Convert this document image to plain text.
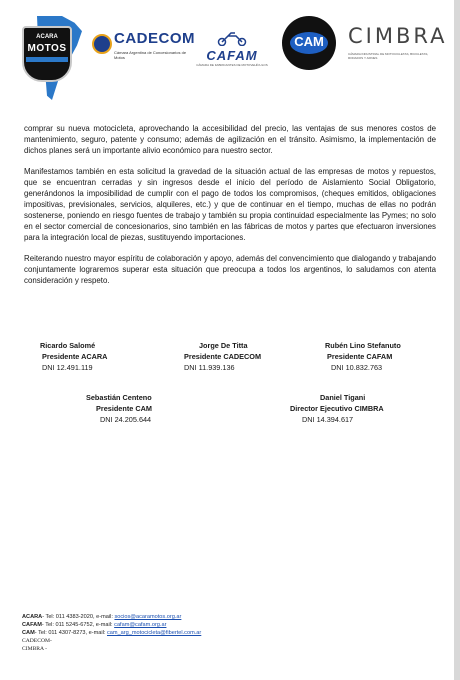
ACARA
MOTOS
CADECOM
Cámara Argentina de Concesionarios de Motos	CAFAM
CÁMARA DE FABRICANTES DE MOTOVEHÍCULOS
CAM	CIMBRA
CÁMARA INDUSTRIAL DE MOTOCICLETAS, BICICLETAS, RODADOS Y AFINES

comprar su nueva motocicleta, aprovechando la accesibilidad del precio, las ventajas de sus menores costos de mantenimiento, seguro, patente y consumo; además de agilización en el tránsito. Asimismo, la implementación de dichos planes será un importante alivio económico para nuestro sector.

Manifestamos también en esta solicitud la gravedad de la situación actual de las empresas de motos y repuestos, que se encuentran cerradas y sin ingresos desde el inicio del período de Aislamiento Social Obligatorio, generándonos la imposibilidad de cumplir con el pago de todos los compromisos, (cheques emitidos, obligaciones impositivas, previsionales, servicios, alquileres, etc.) y que de continuar en el tiempo, muchas de ellas no podrán sostenerse, poniendo en riesgo fuentes de trabajo y también su propia continuidad especialmente las Pymes; no solo en el sector comercial de concesionarios, sino también en las fábricas de motos y partes que efectuaron inversiones para la integración local de piezas, sustituyendo importaciones.

Reiterando nuestro mayor espíritu de colaboración y apoyo, además del convencimiento que dialogando y trabajando conjuntamente lograremos superar esta situación que preocupa a todos los argentinos, lo saludamos con atenta consideración y respeto.

Ricardo Salomé
Presidente ACARA
DNI 12.491.119
Jorge De Titta
Presidente CADECOM
DNI 11.939.136
Rubén Lino Stefanuto
Presidente CAFAM
DNI 10.832.763
Sebastián Centeno
Presidente CAM
DNI 24.205.644
Daniel Tigani
Director Ejecutivo CIMBRA
DNI 14.394.617
ACARA- Tel: 011 4383-2020, e-mail: socios@acaramotos.org.ar
CAFAM- Tel: 011 5245-6752, e-mail: cafam@cafam.org.ar
CAM- Tel: 011 4307-8273, e-mail: cam_arg_motocicleta@fibertel.com.ar
CADECOM-
CIMBRA -
